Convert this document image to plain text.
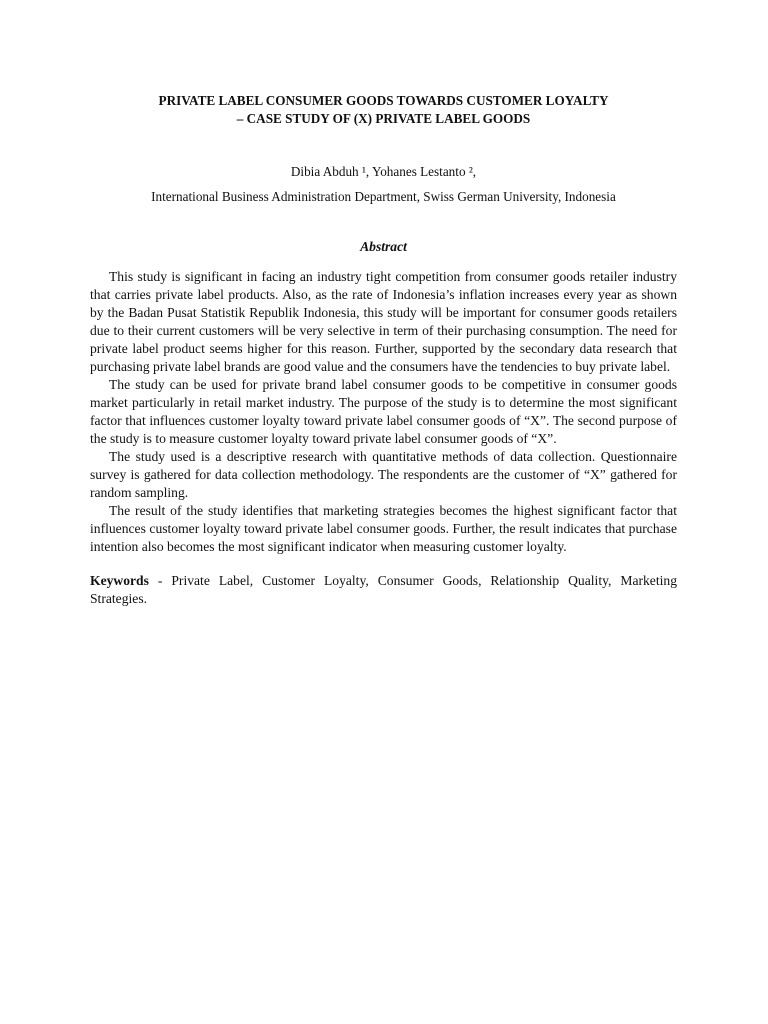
PRIVATE LABEL CONSUMER GOODS TOWARDS CUSTOMER LOYALTY
– CASE STUDY OF (X) PRIVATE LABEL GOODS
Dibia Abduh ¹, Yohanes Lestanto ²,
International Business Administration Department, Swiss German University, Indonesia
Abstract

This study is significant in facing an industry tight competition from consumer goods retailer industry that carries private label products. Also, as the rate of Indonesia’s inflation increases every year as shown by the Badan Pusat Statistik Republik Indonesia, this study will be important for consumer goods retailers due to their current customers will be very selective in term of their purchasing consumption. The need for private label product seems higher for this reason. Further, supported by the secondary data research that purchasing private label brands are good value and the consumers have the tendencies to buy private label.

The study can be used for private brand label consumer goods to be competitive in consumer goods market particularly in retail market industry. The purpose of the study is to determine the most significant factor that influences customer loyalty toward private label consumer goods of “X”. The second purpose of the study is to measure customer loyalty toward private label consumer goods of “X”.

The study used is a descriptive research with quantitative methods of data collection. Questionnaire survey is gathered for data collection methodology. The respondents are the customer of “X” gathered for random sampling.

The result of the study identifies that marketing strategies becomes the highest significant factor that influences customer loyalty toward private label consumer goods. Further, the result indicates that purchase intention also becomes the most significant indicator when measuring customer loyalty.

Keywords - Private Label, Customer Loyalty, Consumer Goods, Relationship Quality, Marketing Strategies.
